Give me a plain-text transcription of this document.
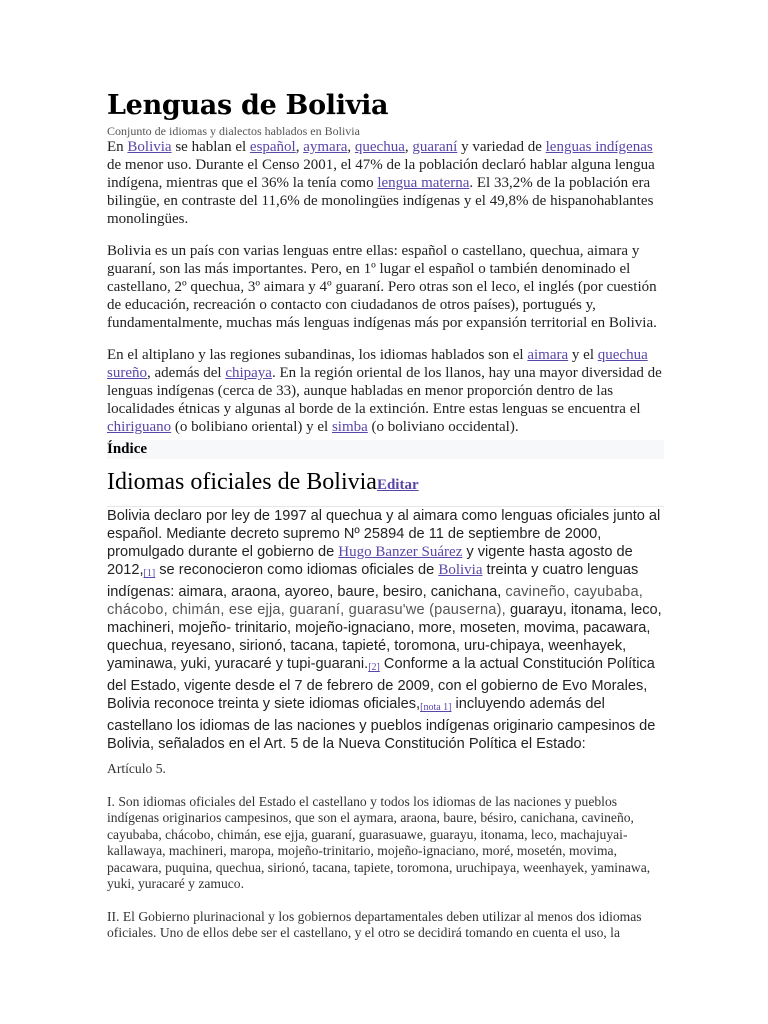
Lenguas de Bolivia
Conjunto de idiomas y dialectos hablados en Bolivia

En Bolivia se hablan el español, aymara, quechua, guaraní y variedad de lenguas indígenas de menor uso. Durante el Censo 2001, el 47% de la población declaró hablar alguna lengua indígena, mientras que el 36% la tenía como lengua materna. El 33,2% de la población era bilingüe, en contraste del 11,6% de monolingües indígenas y el 49,8% de hispanohablantes monolingües.

Bolivia es un país con varias lenguas entre ellas: español o castellano, quechua, aimara y guaraní, son las más importantes. Pero, en 1º lugar el español o también denominado el castellano, 2º quechua, 3º aimara y 4º guaraní. Pero otras son el leco, el inglés (por cuestión de educación, recreación o contacto con ciudadanos de otros países), portugués y, fundamentalmente, muchas más lenguas indígenas más por expansión territorial en Bolivia.

En el altiplano y las regiones subandinas, los idiomas hablados son el aimara y el quechua sureño, además del chipaya. En la región oriental de los llanos, hay una mayor diversidad de lenguas indígenas (cerca de 33), aunque habladas en menor proporción dentro de las localidades étnicas y algunas al borde de la extinción. Entre estas lenguas se encuentra el chiriguano (o bolibiano oriental) y el simba (o boliviano occidental).

Índice
Idiomas oficiales de BoliviaEditar

Bolivia declaro por ley de 1997 al quechua y al aimara como lenguas oficiales junto al español. Mediante decreto supremo Nº 25894 de 11 de septiembre de 2000, promulgado durante el gobierno de Hugo Banzer Suárez y vigente hasta agosto de 2012,[1] se reconocieron como idiomas oficiales de Bolivia treinta y cuatro lenguas indígenas: aimara, araona, ayoreo, baure, besiro, canichana, cavineño, cayubaba, chácobo, chimán, ese ejja, guaraní, guarasu'we (pauserna), guarayu, itonama, leco, machineri, mojeño- trinitario, mojeño-ignaciano, more, moseten, movima, pacawara, quechua, reyesano, sirionó, tacana, tapieté, toromona, uru-chipaya, weenhayek, yaminawa, yuki, yuracaré y tupi-guarani.[2] Conforme a la actual Constitución Política del Estado, vigente desde el 7 de febrero de 2009, con el gobierno de Evo Morales, Bolivia reconoce treinta y siete idiomas oficiales,[nota 1] incluyendo además del castellano los idiomas de las naciones y pueblos indígenas originario campesinos de Bolivia, señalados en el Art. 5 de la Nueva Constitución Política el Estado:

Artículo 5.

I. Son idiomas oficiales del Estado el castellano y todos los idiomas de las naciones y pueblos indígenas originarios campesinos, que son el aymara, araona, baure, bésiro, canichana, cavineño, cayubaba, chácobo, chimán, ese ejja, guaraní, guarasuawe, guarayu, itonama, leco, machajuyai-kallawaya, machineri, maropa, mojeño-trinitario, mojeño-ignaciano, moré, mosetén, movima, pacawara, puquina, quechua, sirionó, tacana, tapiete, toromona, uruchipaya, weenhayek, yaminawa, yuki, yuracaré y zamuco.

II. El Gobierno plurinacional y los gobiernos departamentales deben utilizar al menos dos idiomas oficiales. Uno de ellos debe ser el castellano, y el otro se decidirá tomando en cuenta el uso, la
